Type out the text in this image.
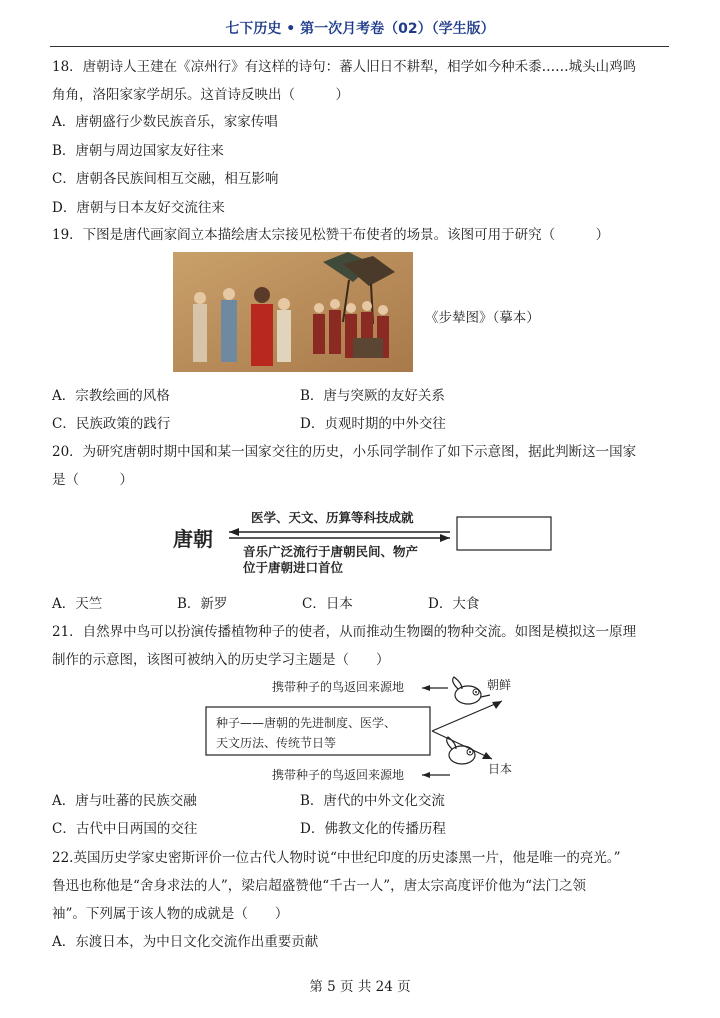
七下历史 • 第一次月考卷（02）（学生版）
18．唐朝诗人王建在《凉州行》有这样的诗句：蕃人旧日不耕犁，相学如今种禾黍……城头山鸡鸣
角角，洛阳家家学胡乐。这首诗反映出（　　　）
A．唐朝盛行少数民族音乐，家家传唱
B．唐朝与周边国家友好往来
C．唐朝各民族间相互交融，相互影响
D．唐朝与日本友好交流往来
19．下图是唐代画家阎立本描绘唐太宗接见松赞干布使者的场景。该图可用于研究（　　　）
《步辇图》（摹本）
A．宗教绘画的风格	B．唐与突厥的友好关系
C．民族政策的践行	D．贞观时期的中外交往
20．为研究唐朝时期中国和某一国家交往的历史，小乐同学制作了如下示意图，据此判断这一国家
是（　　　）
唐朝
医学、天文、历算等科技成就
音乐广泛流行于唐朝民间、物产
位于唐朝进口首位
A．天竺	B．新罗	C．日本	D．大食
21．自然界中鸟可以扮演传播植物种子的使者，从而推动生物圈的物种交流。如图是模拟这一原理
制作的示意图，该图可被纳入的历史学习主题是（　　）
携带种子的鸟返回来源地	朝鲜
种子——唐朝的先进制度、医学、
天文历法、传统节日等
日本
携带种子的鸟返回来源地
A．唐与吐蕃的民族交融	B．唐代的中外文化交流
C．古代中日两国的交往	D．佛教文化的传播历程
22.英国历史学家史密斯评价一位古代人物时说“中世纪印度的历史漆黑一片，他是唯一的亮光。”
鲁迅也称他是“舍身求法的人”，梁启超盛赞他“千古一人”，唐太宗高度评价他为“法门之领
袖”。下列属于该人物的成就是（　　）
A．东渡日本，为中日文化交流作出重要贡献
第 5 页 共 24 页
